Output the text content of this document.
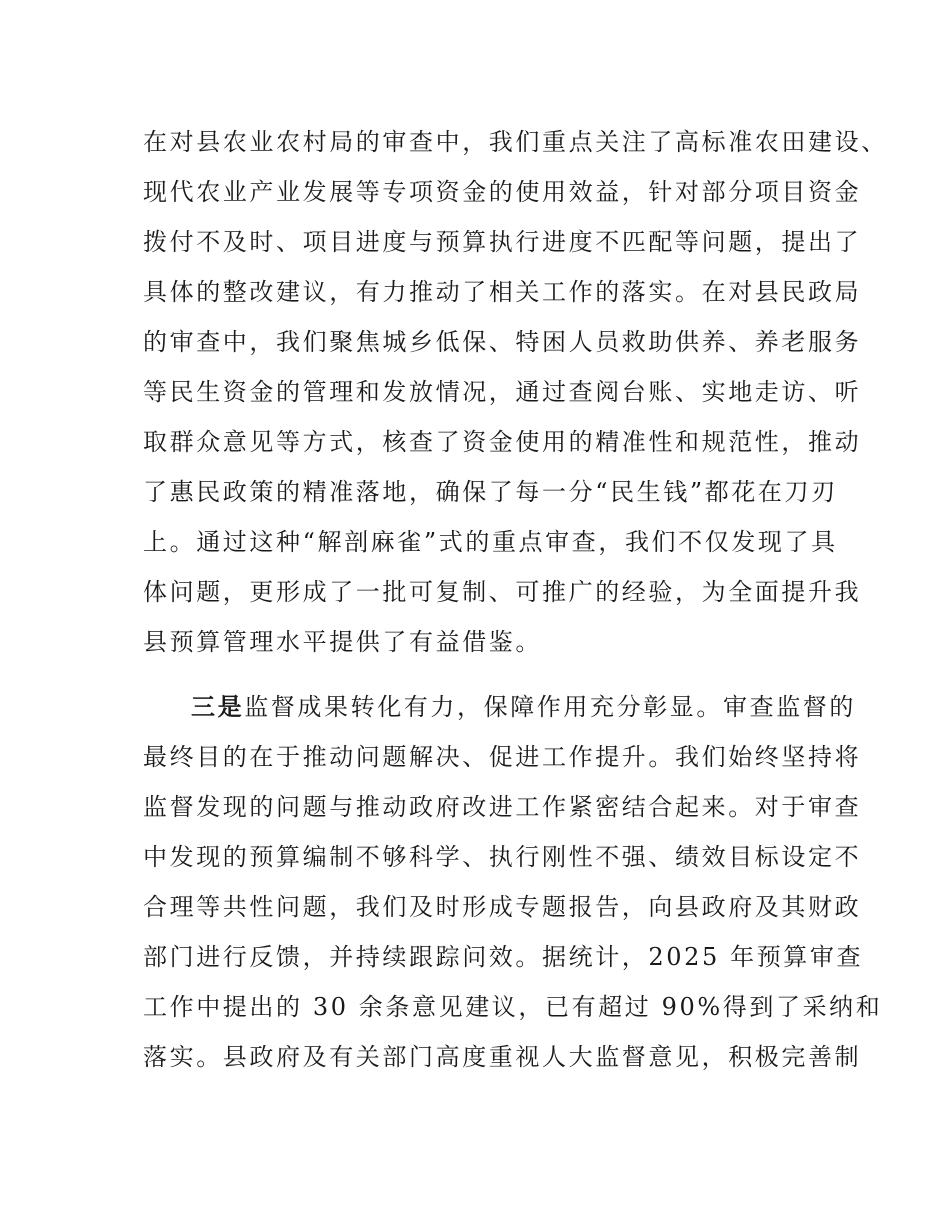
在对县农业农村局的审查中，我们重点关注了高标准农田建设、

现代农业产业发展等专项资金的使用效益，针对部分项目资金

拨付不及时、项目进度与预算执行进度不匹配等问题，提出了

具体的整改建议，有力推动了相关工作的落实。在对县民政局

的审查中，我们聚焦城乡低保、特困人员救助供养、养老服务

等民生资金的管理和发放情况，通过查阅台账、实地走访、听

取群众意见等方式，核查了资金使用的精准性和规范性，推动

了惠民政策的精准落地，确保了每一分“民生钱”都花在刀刃

上。通过这种“解剖麻雀”式的重点审查，我们不仅发现了具

体问题，更形成了一批可复制、可推广的经验，为全面提升我

县预算管理水平提供了有益借鉴。

三是监督成果转化有力，保障作用充分彰显。审查监督的

最终目的在于推动问题解决、促进工作提升。我们始终坚持将

监督发现的问题与推动政府改进工作紧密结合起来。对于审查

中发现的预算编制不够科学、执行刚性不强、绩效目标设定不

合理等共性问题，我们及时形成专题报告，向县政府及其财政

部门进行反馈，并持续跟踪问效。据统计，2025 年预算审查

工作中提出的 30 余条意见建议，已有超过 90%得到了采纳和

落实。县政府及有关部门高度重视人大监督意见，积极完善制
